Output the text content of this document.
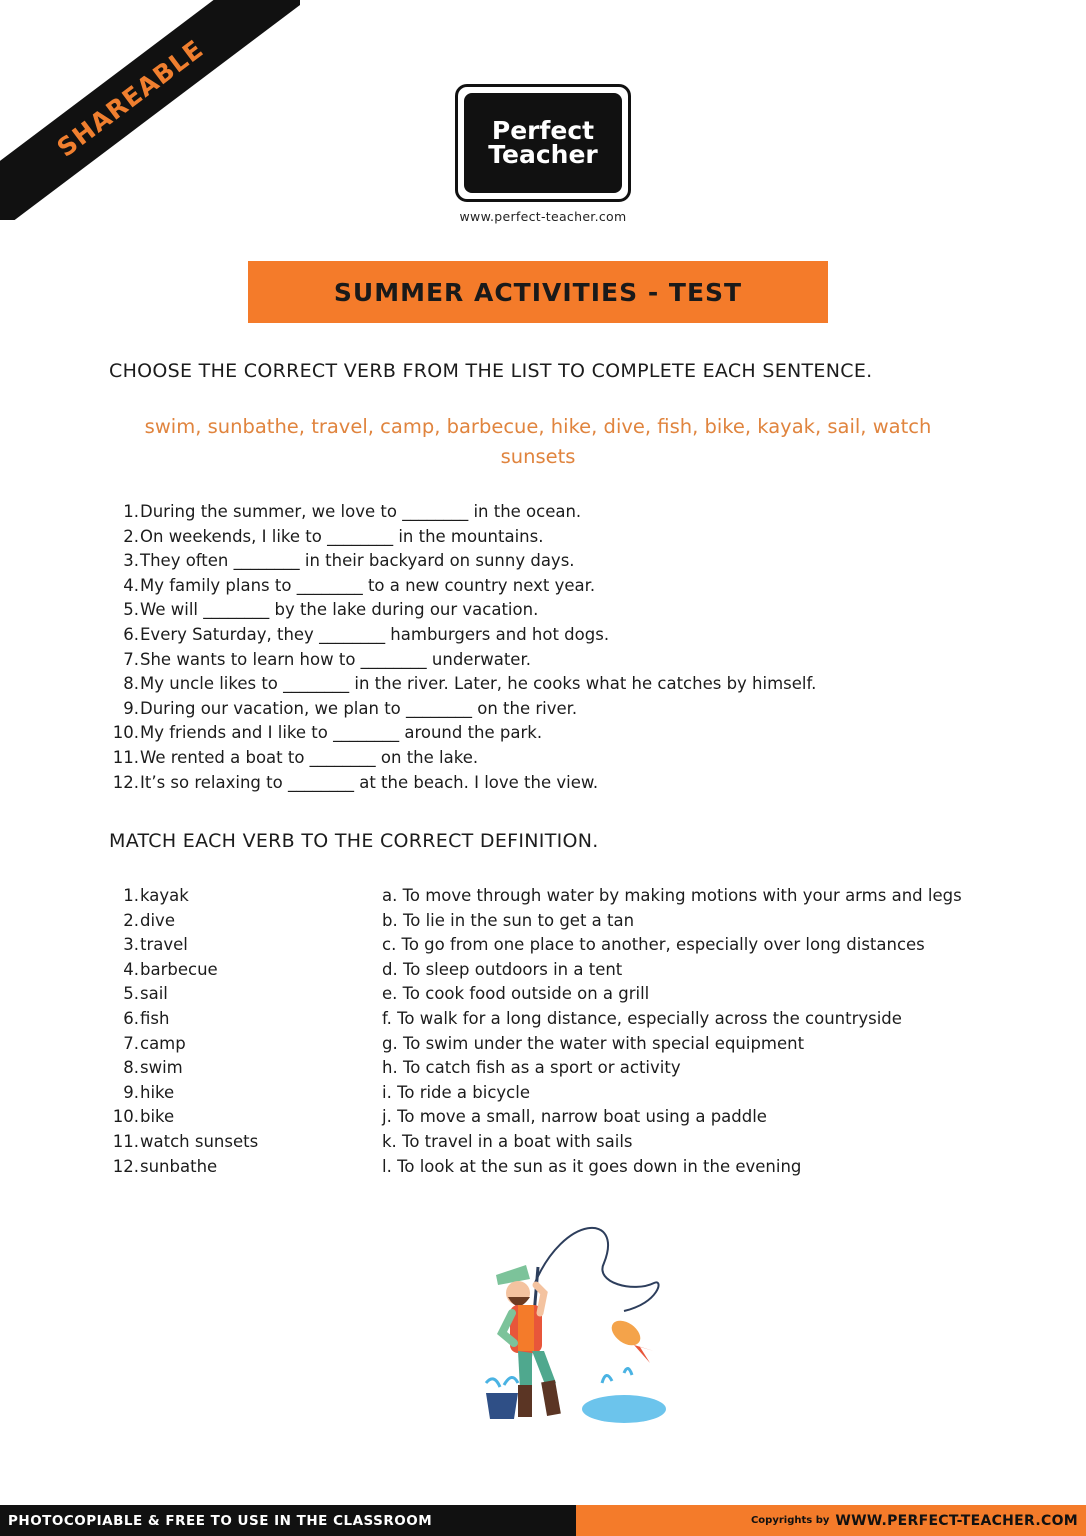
SHAREABLE	Perfect
Teacher
www.perfect-teacher.com
SUMMER ACTIVITIES - TEST
CHOOSE THE CORRECT VERB FROM THE LIST TO COMPLETE EACH SENTENCE.
swim, sunbathe, travel, camp, barbecue, hike, dive, fish, bike, kayak, sail, watch sunsets
1. During the summer, we love to ________ in the ocean.
2. On weekends, I like to ________ in the mountains.
3. They often ________ in their backyard on sunny days.
4. My family plans to ________ to a new country next year.
5. We will ________ by the lake during our vacation.
6. Every Saturday, they ________ hamburgers and hot dogs.
7. She wants to learn how to ________ underwater.
8. My uncle likes to ________ in the river. Later, he cooks what he catches by himself.
9. During our vacation, we plan to ________ on the river.
10. My friends and I like to ________ around the park.
11. We rented a boat to ________ on the lake.
12. It’s so relaxing to ________ at the beach. I love the view.
MATCH EACH VERB TO THE CORRECT DEFINITION.
1. kayak
2. dive
3. travel
4. barbecue
5. sail
6. fish
7. camp
8. swim
9. hike
10. bike
11. watch sunsets
12. sunbathe
a. To move through water by making motions with your arms and legs
b. To lie in the sun to get a tan
c. To go from one place to another, especially over long distances
d. To sleep outdoors in a tent
e. To cook food outside on a grill
f. To walk for a long distance, especially across the countryside
g. To swim under the water with special equipment
h. To catch fish as a sport or activity
i. To ride a bicycle
j. To move a small, narrow boat using a paddle
k. To travel in a boat with sails
l. To look at the sun as it goes down in the evening
PHOTOCOPIABLE & FREE TO USE IN THE CLASSROOM	Copyrights by WWW.PERFECT-TEACHER.COM
